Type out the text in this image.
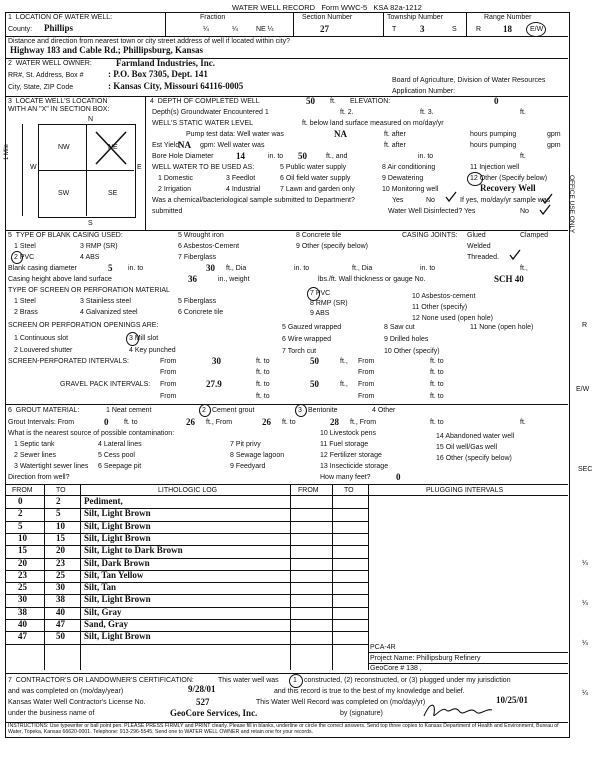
WATER WELL RECORD Form WWC-5 KSA 82a-1212
1  LOCATION OF WATER WELL:
County: Phillips
Fraction
¼	¼	NE ¼
Section Number
27
Township Number
T	3	S
Range Number
R 18	E/W
Distance and direction from nearest town or city street address of well if located within city?
Highway 183 and Cable Rd.; Phillipsburg, Kansas
2  WATER WELL OWNER:	Farmland Industries, Inc.
RR#, St. Address, Box #	: P.O. Box 7305, Dept. 141
City, State, ZIP Code	: Kansas City, Missouri 64116-0005
Board of Agriculture, Division of Water Resources
Application Number:
3  LOCATE WELL'S LOCATION
WITH AN "X" IN SECTION BOX:
N
S
W	E
NW	NE
SW	SE
1 Mile
4  DEPTH OF COMPLETED WELL	50 ft. ELEVATION:	0
Depth(s) Groundwater Encountered 1	ft. 2.	ft. 3.	ft.
WELL'S STATIC WATER LEVEL	ft. below land surface measured on mo/day/yr
Pump test data: Well water was	NA	ft. after	hours pumping	gpm
Est Yield
NA gpm: Well water was	ft. after	hours pumping	gpm
Bore Hole Diameter	14	in. to 50	ft., and	in. to	ft.
WELL WATER TO BE USED AS:
1 Domestic
2 Irrigation
3 Feedlot
4 Industrial
5 Public water supply
6 Oil field water supply
7 Lawn and garden only
8 Air conditioning
9 Dewatering
10 Monitoring well
11 Injection well
12 Other (Specify below)
Recovery Well
Was a chemical/bacteriological sample submitted to Department?	Yes	No	If yes, mo/day/yr sample was
submitted	Water Well Disinfected? Yes	No
5  TYPE OF BLANK CASING USED:
1 Steel
2 PVC
3 RMP (SR)
4 ABS
5 Wrought iron
6 Asbestos-Cement
7 Fiberglass
8 Concrete tile
9 Other (specify below)
CASING JOINTS: Glued	Clamped
Welded
Threaded.
Blank casing diameter	5 in. to	30 ft., Dia	in. to	ft., Dia	in. to	ft.,
Casing height above land surface	36	in., weight	lbs./ft. Wall thickness or gauge No.	SCH 40
TYPE OF SCREEN OR PERFORATION MATERIAL
1 Steel
2 Brass
3 Stainless steel
4 Galvanized steel
5 Fiberglass
6 Concrete tile
7 PVC
8 RMP (SR)
9 ABS
10 Asbestos-cement
11 Other (specify)
12 None used (open hole)
SCREEN OR PERFORATION OPENINGS ARE:
1 Continuous slot
2 Louvered shutter
3 Mill slot
4 Key punched
5 Gauzed wrapped
6 Wire wrapped
7 Torch cut
8 Saw cut
9 Drilled holes
10 Other (specify)
11 None (open hole)
SCREEN-PERFORATED INTERVALS:	From	30	ft. to	50	ft., From	ft. to
From	ft. to	From	ft. to
GRAVEL PACK INTERVALS: From	27.9	ft. to	50	ft., From	ft. to
From	ft. to	From	ft. to
6  GROUT MATERIAL:	1 Neat cement	2 Cement grout	3 Bentonite	4 Other
Grout Intervals: From	0 ft. to	26 ft., From	26 ft. to	28 ft., From	ft. to	ft.
What is the nearest source of possible contamination:
1 Septic tank
2 Sewer lines
3 Watertight sewer lines
4 Lateral lines
5 Cess pool
6 Seepage pit
7 Pit privy
8 Sewage lagoon
9 Feedyard
10 Livestock pens
11 Fuel storage
12 Fertilizer storage
13 Insecticide storage
14 Abandoned water well
15 Oil well/Gas well
16 Other (specify below)
Direction from well?	How many feet?	0
FROM	TO	LITHOLOGIC LOG	FROM	TO	PLUGGING INTERVALS
0	2	Pediment,
2	5	Silt, Light Brown
5	10 Silt, Light Brown
10	15 Silt, Light Brown
15	20 Silt, Light to Dark Brown
20	23 Silt, Dark Brown
23	25 Silt, Tan Yellow
25	30 Silt, Tan
30	38 Silt, Light Brown
38	40 Silt, Gray
40	47 Sand, Gray
47	50 Silt, Light Brown
PCA-4R
Project Name: Phillipsburg Refinery
GeoCore # 138 ,
7  CONTRACTOR'S OR LANDOWNER'S CERTIFICATION:	This water well was 1 constructed, (2) reconstructed, or (3) plugged under my jurisdiction
and was completed on (mo/day/year)	9/28/01	and this record is true to the best of my knowledge and belief.
Kansas Water Well Contractor's License No.	527	This Water Well Record was completed on (mo/day/yr)	10/25/01
under the business name of	GeoCore Services, Inc.	by (signature)
INSTRUCTIONS: Use typewriter or ball point pen. PLEASE PRESS FIRMLY and PRINT clearly. Please fill in blanks, underline or circle the correct answers. Send top three copies to Kansas Department of Health and Environment, Bureau of Water, Topeka, Kansas 66620-0001. Telephone: 913-296-5545. Send one to WATER WELL OWNER and retain one for your records.
OFFICE USE ONLY
R
E/W
SEC
¼
¼
¼
¼
